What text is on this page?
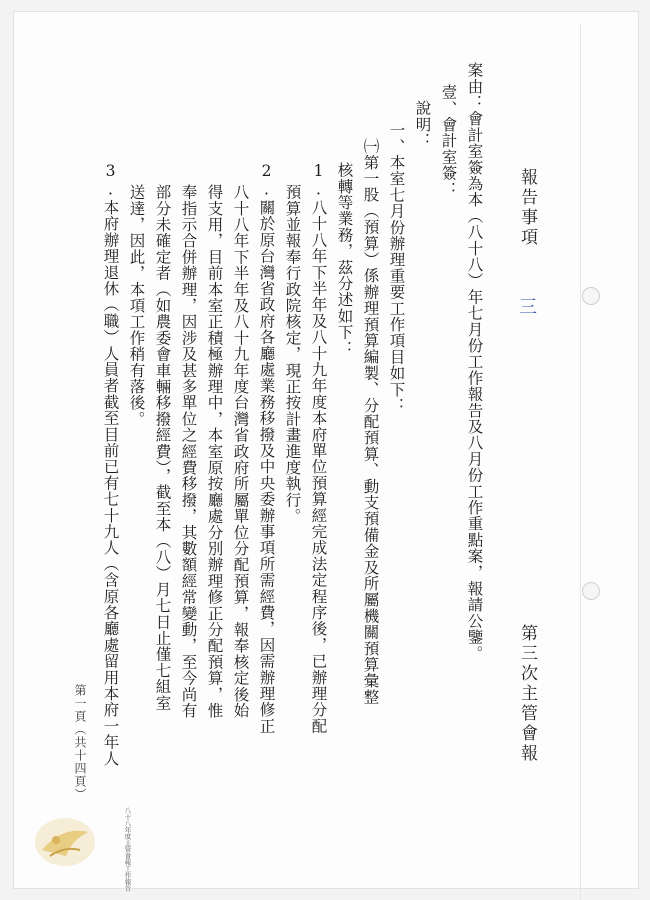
報告事項
三
第三次主管會報
案由：會計室簽為本（八十八）年七月份工作報告及八月份工作重點案，報請公鑒。
壹、會計室簽：
說明：
一、本室七月份辦理重要工作項目如下：
㈠第一股（預算）係辦理預算編製、分配預算、動支預備金及所屬機關預算彙整
核轉等業務，茲分述如下：
1.八十八年下半年及八十九年度本府單位預算經完成法定程序後，已辦理分配
預算並報奉行政院核定，現正按計畫進度執行。
2.關於原台灣省政府各廳處業務移撥及中央委辦事項所需經費，因需辦理修正
八十八年下半年及八十九年度台灣省政府所屬單位分配預算，報奉核定後始
得支用，目前本室正積極辦理中，本室原按廳處分別辦理修正分配預算，惟
奉指示合併辦理，因涉及甚多單位之經費移撥，其數額經常變動，至今尚有
部分未確定者（如農委會車輛移撥經費），截至本（八）月七日止僅七組室
送達，因此，本項工作稍有落後。
3.本府辦理退休（職）人員者截至目前已有七十九人（含原各廳處留用本府一年人
第一頁（共十四頁）
八十八年度主管會報工作報告
